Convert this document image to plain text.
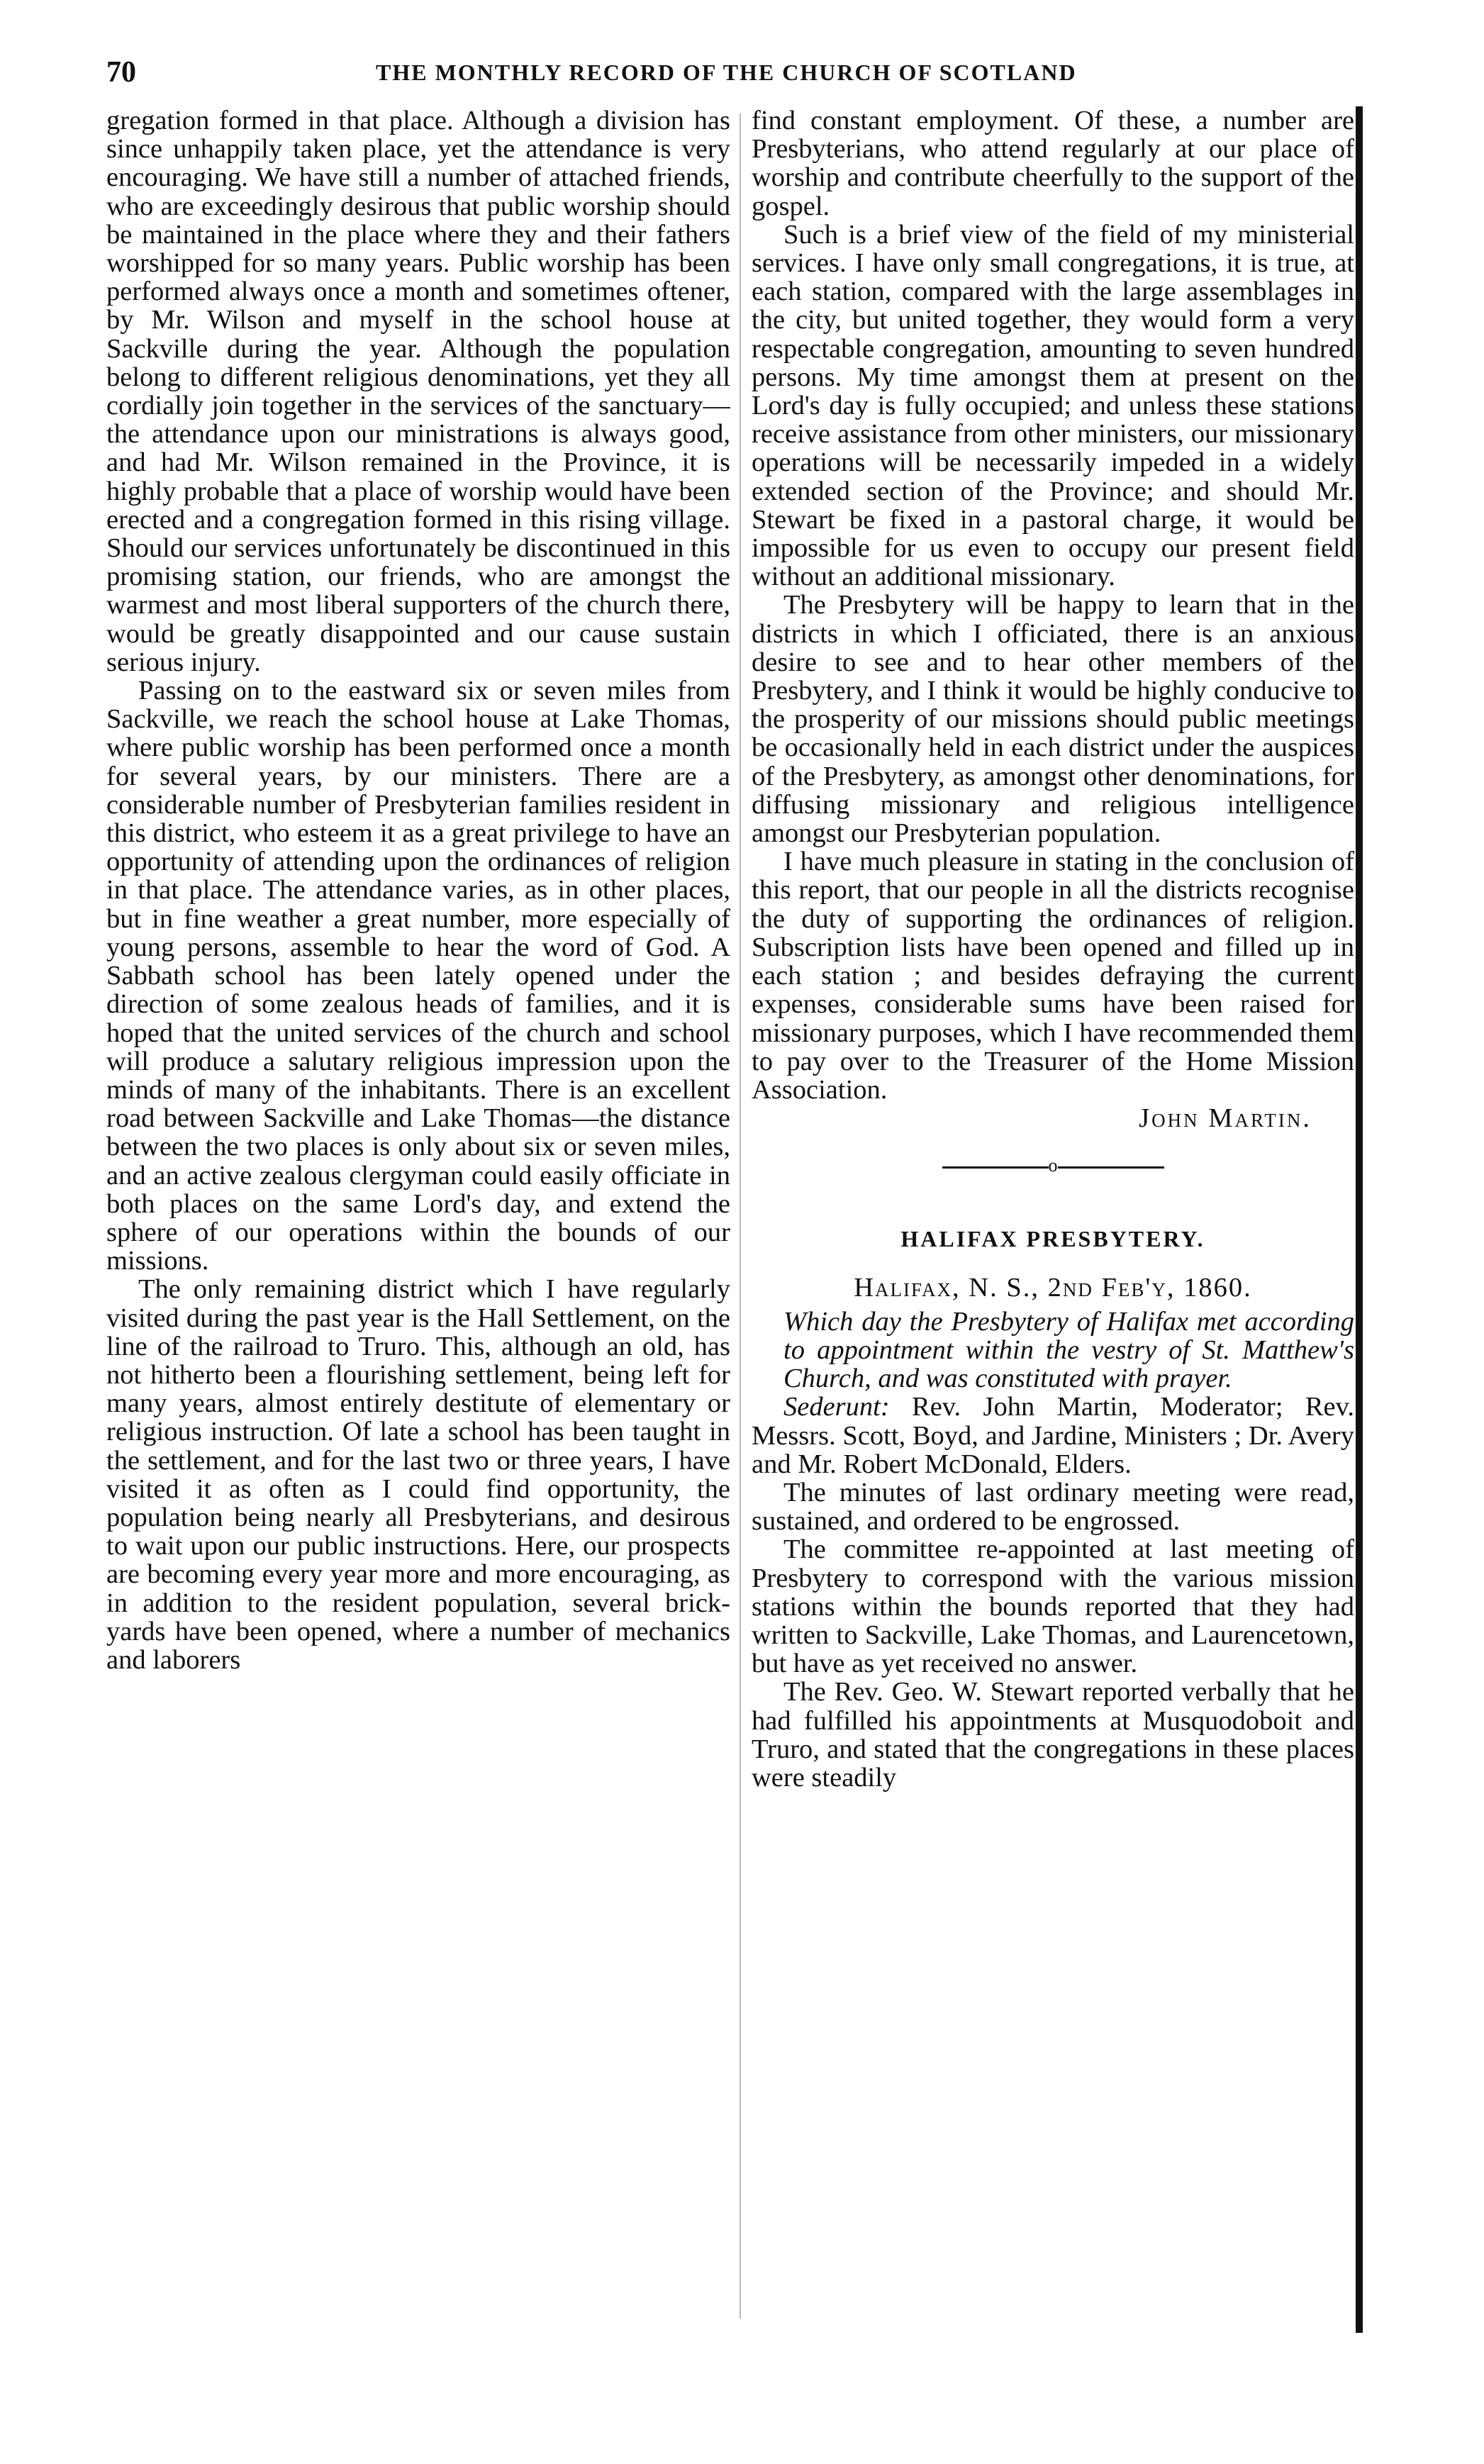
70	THE MONTHLY RECORD OF THE CHURCH OF SCOTLAND

gregation formed in that place. Although a division has since unhappily taken place, yet the attendance is very encouraging. We have still a number of attached friends, who are exceedingly desirous that public worship should be maintained in the place where they and their fathers worshipped for so many years. Public worship has been performed always once a month and sometimes oftener, by Mr. Wilson and myself in the school house at Sackville during the year. Although the population belong to different religious denominations, yet they all cordially join together in the services of the sanctuary—the attendance upon our ministrations is always good, and had Mr. Wilson remained in the Province, it is highly probable that a place of worship would have been erected and a congregation formed in this rising village. Should our services unfortunately be discontinued in this promising station, our friends, who are amongst the warmest and most liberal supporters of the church there, would be greatly disappointed and our cause sustain serious injury.

Passing on to the eastward six or seven miles from Sackville, we reach the school house at Lake Thomas, where public worship has been performed once a month for several years, by our ministers. There are a considerable number of Presbyterian families resident in this district, who esteem it as a great privilege to have an opportunity of attending upon the ordinances of religion in that place. The attendance varies, as in other places, but in fine weather a great number, more especially of young persons, assemble to hear the word of God. A Sabbath school has been lately opened under the direction of some zealous heads of families, and it is hoped that the united services of the church and school will produce a salutary religious impression upon the minds of many of the inhabitants. There is an excellent road between Sackville and Lake Thomas—the distance between the two places is only about six or seven miles, and an active zealous clergyman could easily officiate in both places on the same Lord's day, and extend the sphere of our operations within the bounds of our missions.

The only remaining district which I have regularly visited during the past year is the Hall Settlement, on the line of the railroad to Truro. This, although an old, has not hitherto been a flourishing settlement, being left for many years, almost entirely destitute of elementary or religious instruction. Of late a school has been taught in the settlement, and for the last two or three years, I have visited it as often as I could find opportunity, the population being nearly all Presbyterians, and desirous to wait upon our public instructions. Here, our prospects are becoming every year more and more encouraging, as in addition to the resident population, several brick-yards have been opened, where a number of mechanics and laborers

find constant employment. Of these, a number are Presbyterians, who attend regularly at our place of worship and contribute cheerfully to the support of the gospel.

Such is a brief view of the field of my ministerial services. I have only small congregations, it is true, at each station, compared with the large assemblages in the city, but united together, they would form a very respectable congregation, amounting to seven hundred persons. My time amongst them at present on the Lord's day is fully occupied; and unless these stations receive assistance from other ministers, our missionary operations will be necessarily impeded in a widely extended section of the Province; and should Mr. Stewart be fixed in a pastoral charge, it would be impossible for us even to occupy our present field without an additional missionary.

The Presbytery will be happy to learn that in the districts in which I officiated, there is an anxious desire to see and to hear other members of the Presbytery, and I think it would be highly conducive to the prosperity of our missions should public meetings be occasionally held in each district under the auspices of the Presbytery, as amongst other denominations, for diffusing missionary and religious intelligence amongst our Presbyterian population.

I have much pleasure in stating in the conclusion of this report, that our people in all the districts recognise the duty of supporting the ordinances of religion. Subscription lists have been opened and filled up in each station ; and besides defraying the current expenses, considerable sums have been raised for missionary purposes, which I have recommended them to pay over to the Treasurer of the Home Mission Association.

John Martin.

o
HALIFAX PRESBYTERY.
Halifax, N. S., 2nd Feb'y, 1860.

Which day the Presbytery of Halifax met according to appointment within the vestry of St. Matthew's Church, and was constituted with prayer.

Sederunt: Rev. John Martin, Moderator; Rev. Messrs. Scott, Boyd, and Jardine, Ministers ; Dr. Avery and Mr. Robert McDonald, Elders.

The minutes of last ordinary meeting were read, sustained, and ordered to be engrossed.

The committee re-appointed at last meeting of Presbytery to correspond with the various mission stations within the bounds reported that they had written to Sackville, Lake Thomas, and Laurencetown, but have as yet received no answer.

The Rev. Geo. W. Stewart reported verbally that he had fulfilled his appointments at Musquodoboit and Truro, and stated that the congregations in these places were steadily
